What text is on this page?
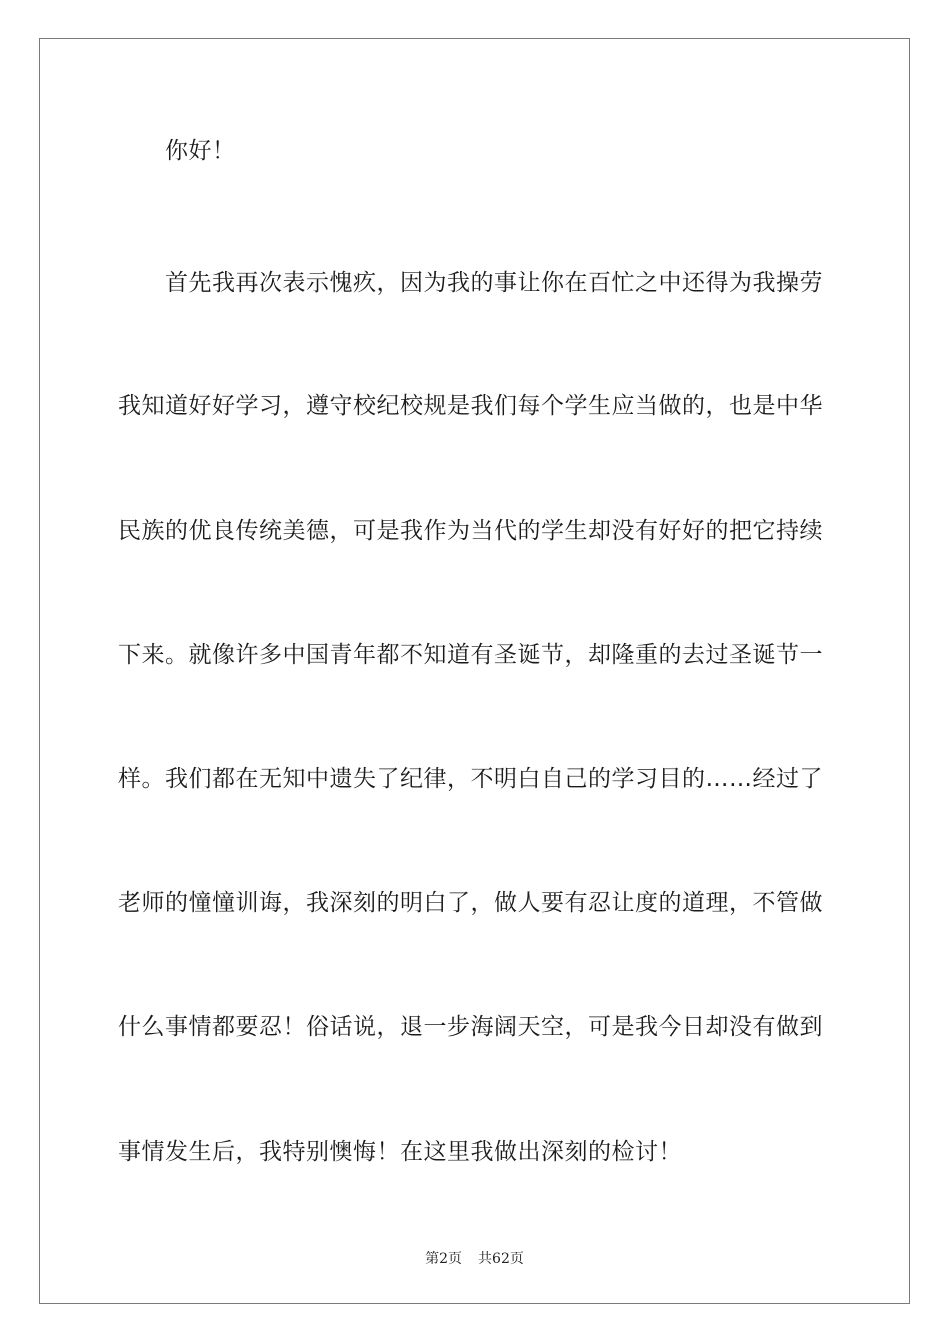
你好！
首先我再次表示愧疚，因为我的事让你在百忙之中还得为我操劳
我知道好好学习，遵守校纪校规是我们每个学生应当做的，也是中华
民族的优良传统美德，可是我作为当代的学生却没有好好的把它持续
下来。就像许多中国青年都不知道有圣诞节，却隆重的去过圣诞节一
样。我们都在无知中遗失了纪律，不明白自己的学习目的……经过了
老师的憧憧训诲，我深刻的明白了，做人要有忍让度的道理，不管做
什么事情都要忍！俗话说，退一步海阔天空，可是我今日却没有做到
事情发生后，我特别懊悔！在这里我做出深刻的检讨！
第2页 共62页
